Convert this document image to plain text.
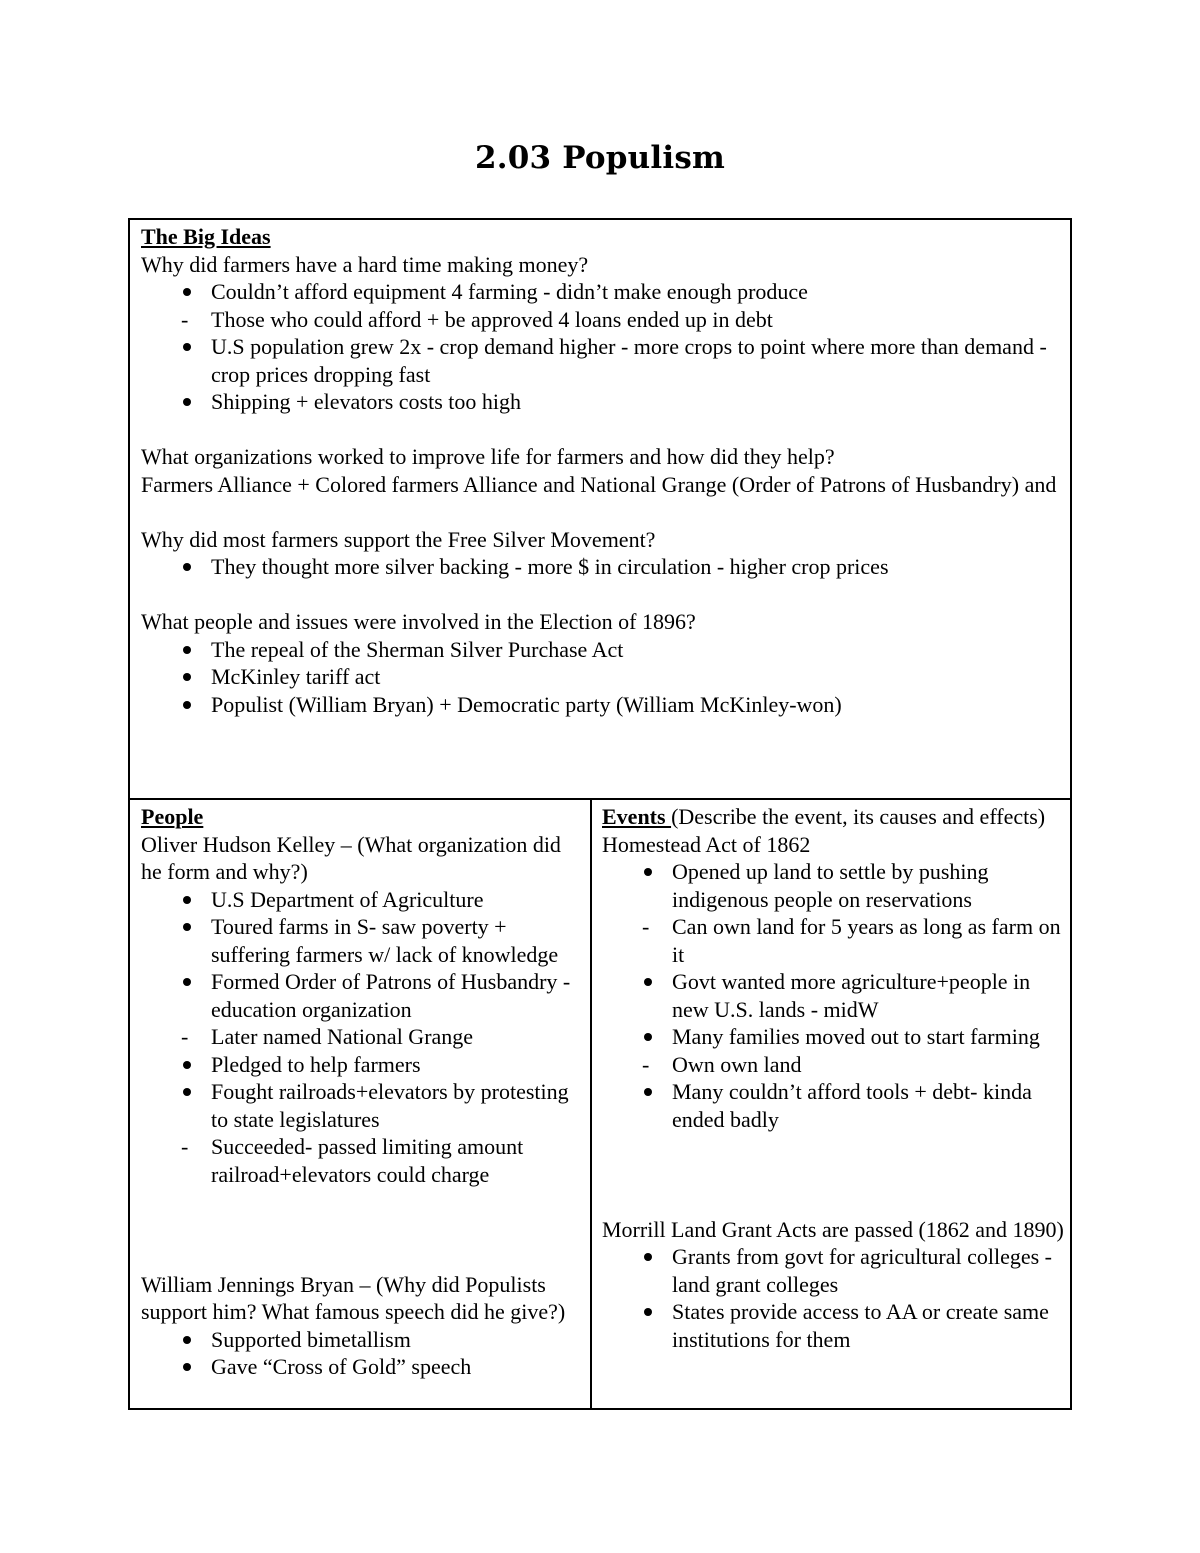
2.03 Populism
The Big Ideas
Why did farmers have a hard time making money?
Couldn’t afford equipment 4 farming - didn’t make enough produce
- Those who could afford + be approved 4 loans ended up in debt
U.S population grew 2x - crop demand higher - more crops to point where more than demand - crop prices dropping fast
Shipping + elevators costs too high
What organizations worked to improve life for farmers and how did they help?
Farmers Alliance + Colored farmers Alliance and National Grange (Order of Patrons of Husbandry) and
Why did most farmers support the Free Silver Movement?
They thought more silver backing - more $ in circulation - higher crop prices
What people and issues were involved in the Election of 1896?
The repeal of the Sherman Silver Purchase Act
McKinley tariff act
Populist (William Bryan) + Democratic party (William McKinley-won)
People
Oliver Hudson Kelley – (What organization did he form and why?)
U.S Department of Agriculture
Toured farms in S- saw poverty + suffering farmers w/ lack of knowledge
Formed Order of Patrons of Husbandry - education organization
- Later named National Grange
Pledged to help farmers
Fought railroads+elevators by protesting to state legislatures
- Succeeded- passed limiting amount railroad+elevators could charge
William Jennings Bryan – (Why did Populists support him? What famous speech did he give?)
Supported bimetallism
Gave “Cross of Gold” speech
Events (Describe the event, its causes and effects)
Homestead Act of 1862
Opened up land to settle by pushing indigenous people on reservations
- Can own land for 5 years as long as farm on it
Govt wanted more agriculture+people in new U.S. lands - midW
Many families moved out to start farming
- Own own land
Many couldn’t afford tools + debt- kinda ended badly
Morrill Land Grant Acts are passed (1862 and 1890)
Grants from govt for agricultural colleges - land grant colleges
States provide access to AA or create same institutions for them
